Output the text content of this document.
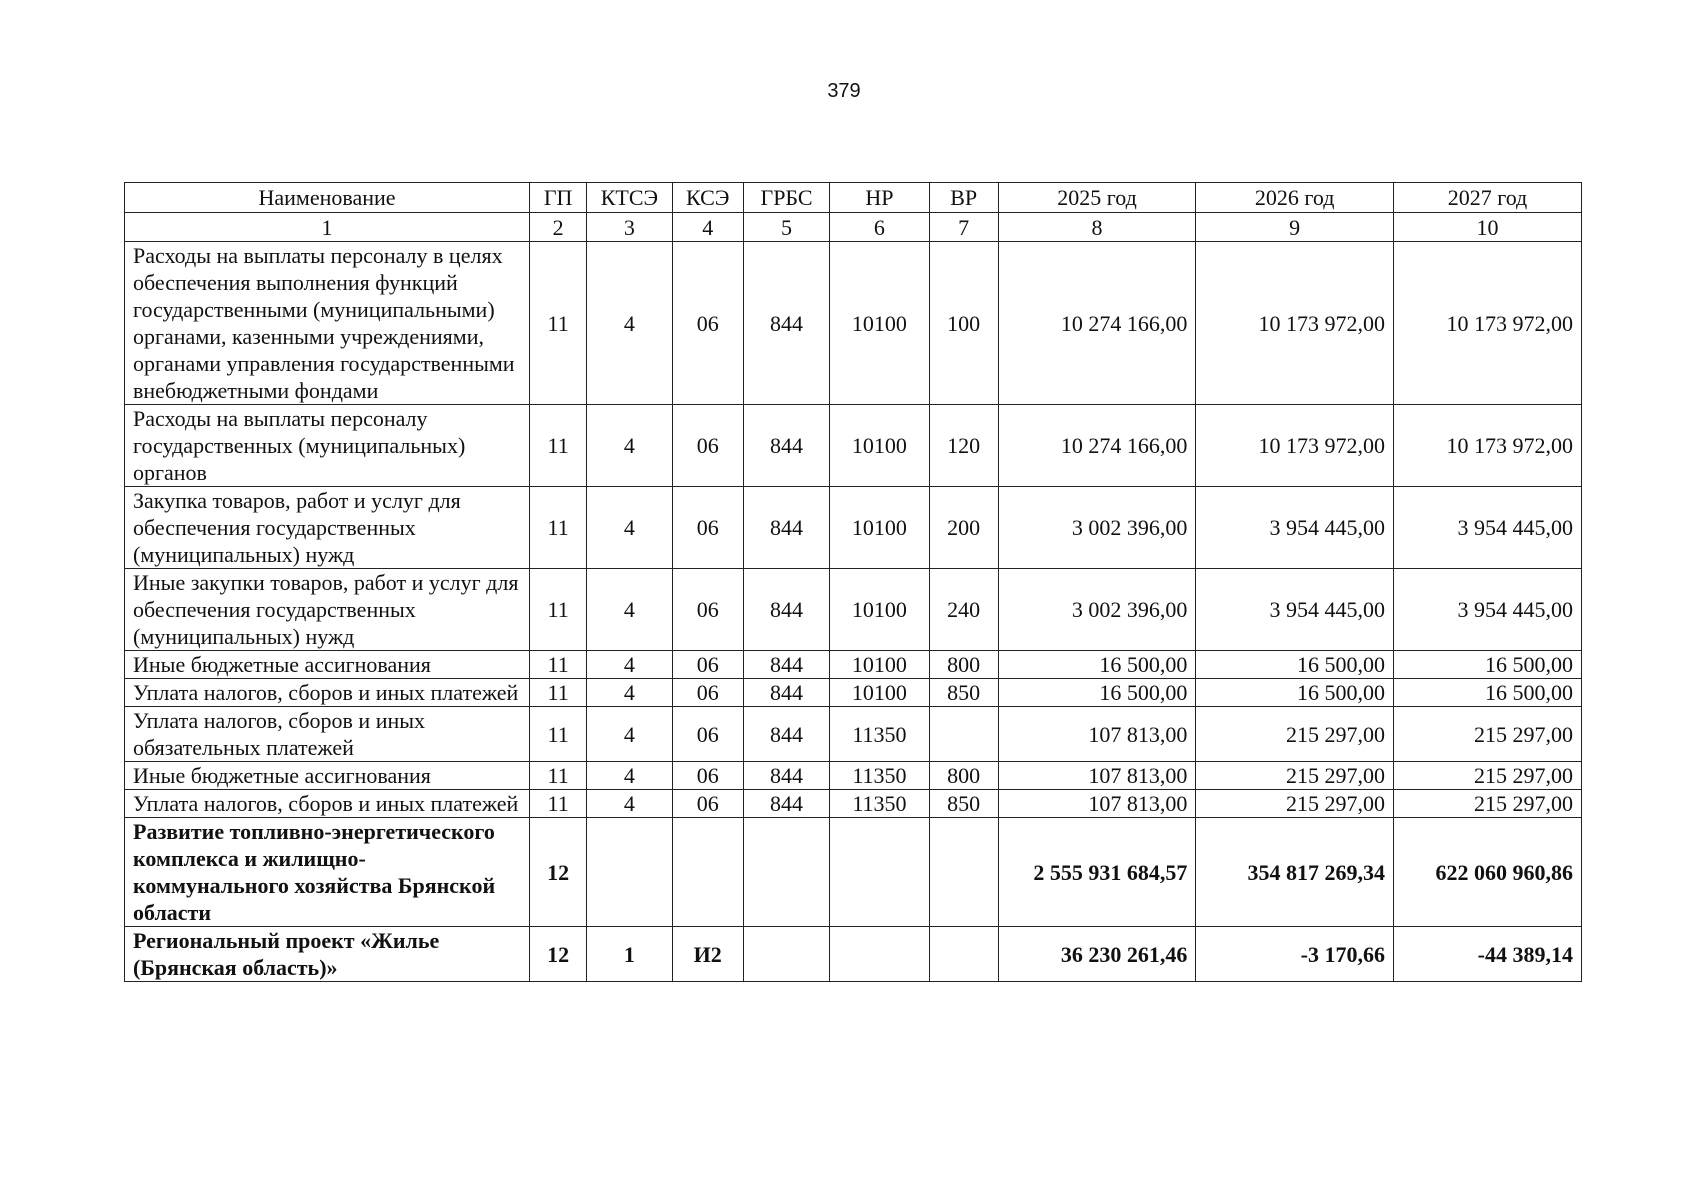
379
Наименование	ГП	КТСЭ	КСЭ	ГРБС	НР	ВР	2025 год	2026 год	2027 год
1	2	3	4	5	6	7	8	9	10
Расходы на выплаты персоналу в целях обеспечения выполнения функций государственными (муниципальными) органами, казенными учреждениями, органами управления государственными внебюджетными фондами	11	4	06	844	10100	100	10 274 166,00	10 173 972,00	10 173 972,00
Расходы на выплаты персоналу государственных (муниципальных) органов	11	4	06	844	10100	120	10 274 166,00	10 173 972,00	10 173 972,00
Закупка товаров, работ и услуг для обеспечения государственных (муниципальных) нужд	11	4	06	844	10100	200	3 002 396,00	3 954 445,00	3 954 445,00
Иные закупки товаров, работ и услуг для обеспечения государственных (муниципальных) нужд	11	4	06	844	10100	240	3 002 396,00	3 954 445,00	3 954 445,00
Иные бюджетные ассигнования	11	4	06	844	10100	800	16 500,00	16 500,00	16 500,00
Уплата налогов, сборов и иных платежей	11	4	06	844	10100	850	16 500,00	16 500,00	16 500,00
Уплата налогов, сборов и иных обязательных платежей	11	4	06	844	11350		107 813,00	215 297,00	215 297,00
Иные бюджетные ассигнования	11	4	06	844	11350	800	107 813,00	215 297,00	215 297,00
Уплата налогов, сборов и иных платежей	11	4	06	844	11350	850	107 813,00	215 297,00	215 297,00
Развитие топливно-энергетического комплекса и жилищно-коммунального хозяйства Брянской области	12						2 555 931 684,57	354 817 269,34	622 060 960,86
Региональный проект «Жилье (Брянская область)»	12	1	И2				36 230 261,46	-3 170,66	-44 389,14
